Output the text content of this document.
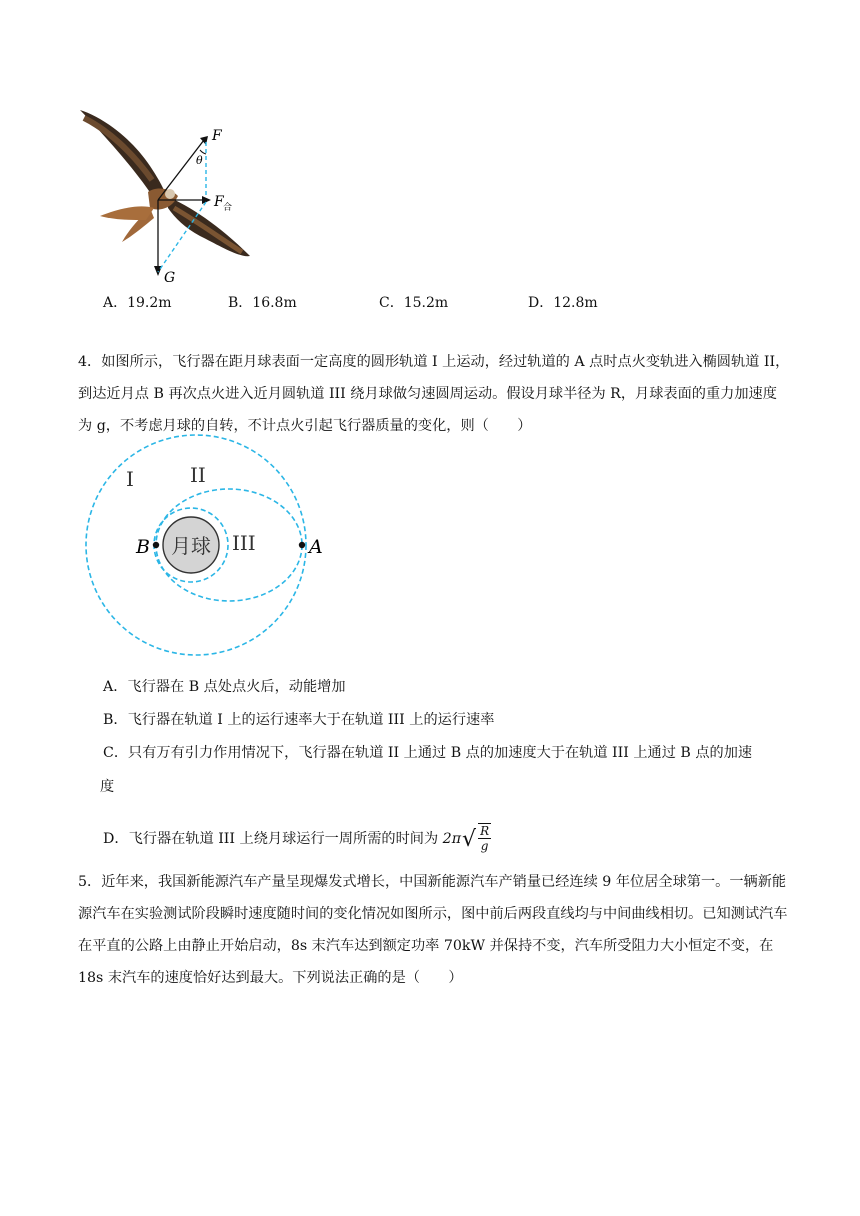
F
θ
F 合
G
A．19.2m	B．16.8m	C．15.2m	D．12.8m

4．如图所示，飞行器在距月球表面一定高度的圆形轨道 I 上运动，经过轨道的 A 点时点火变轨进入椭圆轨道 II，到达近月点 B 再次点火进入近月圆轨道 III 绕月球做匀速圆周运动。假设月球半径为 R，月球表面的重力加速度为 g，不考虑月球的自转，不计点火引起飞行器质量的变化，则（　　）

月球
B	A
I	II
III
A．飞行器在 B 点处点火后，动能增加
B．飞行器在轨道 I 上的运行速率大于在轨道 III 上的运行速率
C．只有万有引力作用情况下，飞行器在轨道 II 上通过 B 点的加速度大于在轨道 III 上通过 B 点的加速
度
D．飞行器在轨道 III 上绕月球运行一周所需的时间为 2π √ $\frac{R}{g}$

5．近年来，我国新能源汽车产量呈现爆发式增长，中国新能源汽车产销量已经连续 9 年位居全球第一。一辆新能源汽车在实验测试阶段瞬时速度随时间的变化情况如图所示，图中前后两段直线均与中间曲线相切。已知测试汽车在平直的公路上由静止开始启动，8s 末汽车达到额定功率 70kW 并保持不变，汽车所受阻力大小恒定不变，在 18s 末汽车的速度恰好达到最大。下列说法正确的是（　　）
